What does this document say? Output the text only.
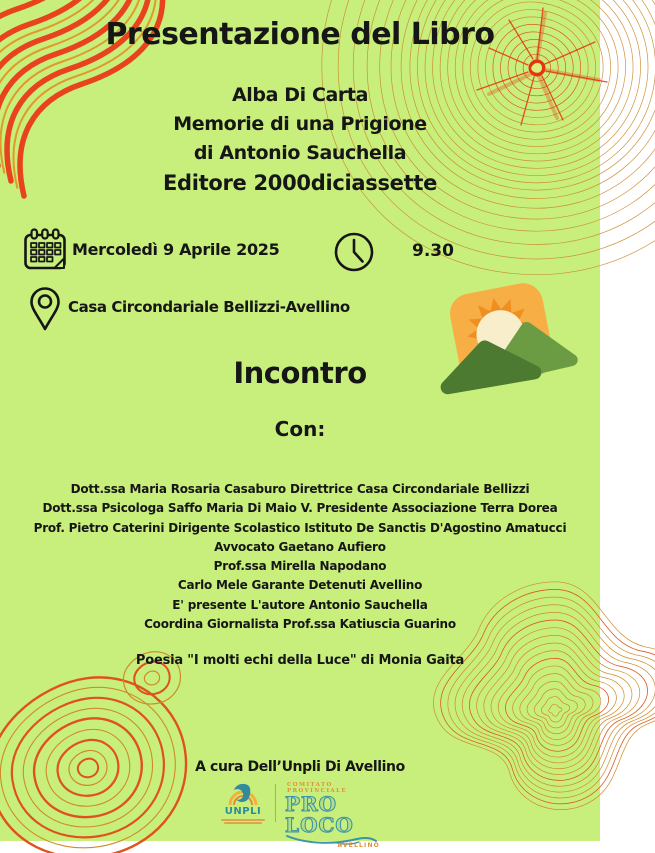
Presentazione del Libro
Alba Di Carta
Memorie di una Prigione
di Antonio Sauchella
Editore 2000diciassette
Mercoledì 9 Aprile 2025	9.30
Casa Circondariale Bellizzi-Avellino
Incontro
Con:
Dott.ssa Maria Rosaria Casaburo Direttrice Casa Circondariale Bellizzi
Dott.ssa Psicologa Saffo Maria Di Maio V. Presidente Associazione Terra Dorea
Prof. Pietro Caterini Dirigente Scolastico Istituto De Sanctis D'Agostino Amatucci
Avvocato Gaetano Aufiero
Prof.ssa Mirella Napodano
Carlo Mele Garante Detenuti Avellino
E' presente L'autore Antonio Sauchella
Coordina Giornalista Prof.ssa Katiuscia Guarino
Poesia "I molti echi della Luce" di Monia Gaita
A cura Dell’Unpli Di Avellino
UNPLI
COMITATO PROVINCIALE
PRO LOCO
AVELLINO
